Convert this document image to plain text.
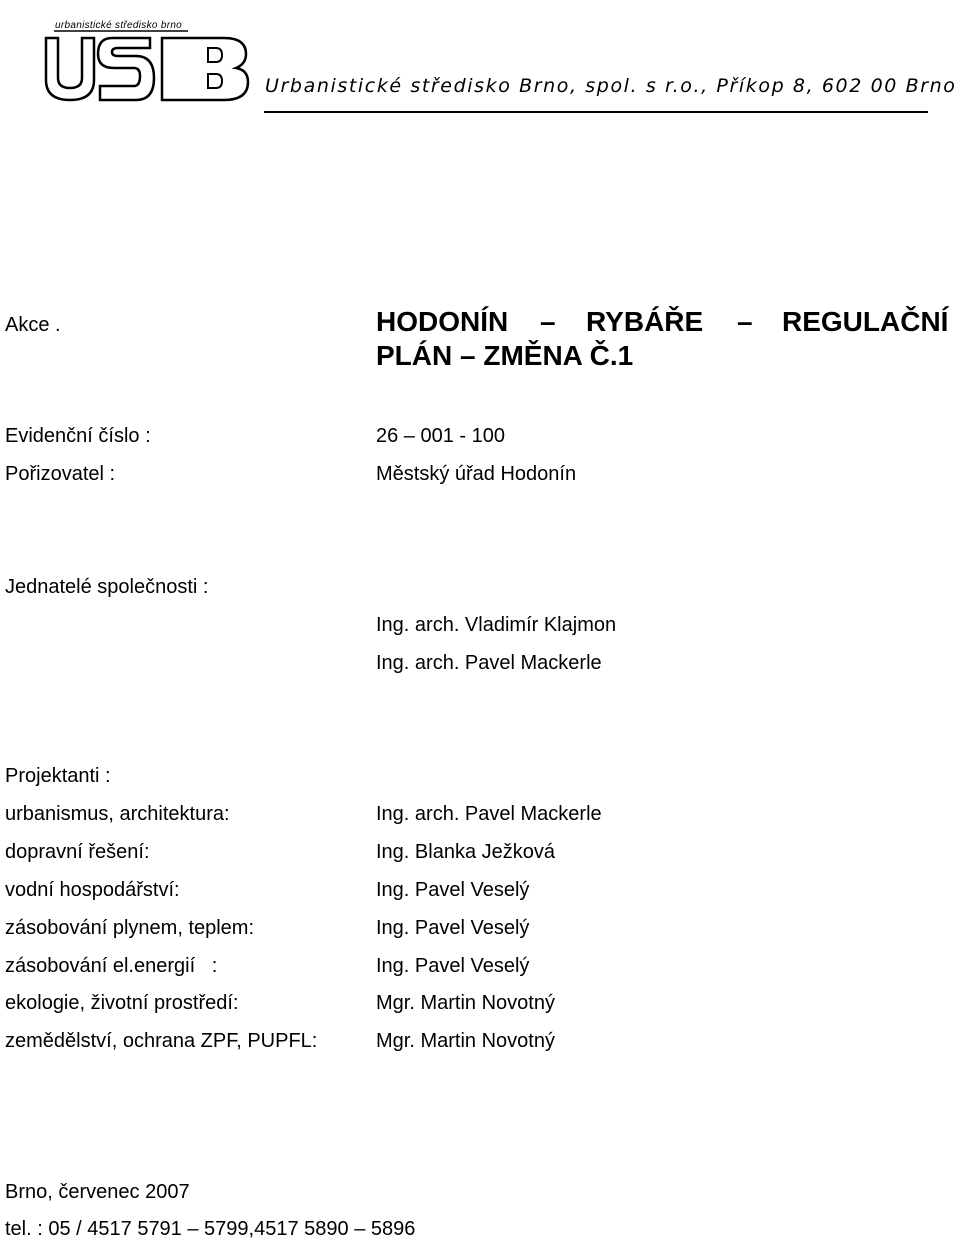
urbanistické středisko brno
Urbanistické středisko Brno, spol. s r.o., Příkop 8, 602 00 Brno
Akce .	HODONÍN – RYBÁŘE – REGULAČNÍ
PLÁN – ZMĚNA Č.1
Evidenční číslo :	26 – 001 - 100
Pořizovatel :	Městský úřad Hodonín
Jednatelé společnosti :
Ing. arch. Vladimír Klajmon
Ing. arch. Pavel Mackerle
Projektanti :
urbanismus, architektura:	Ing. arch. Pavel Mackerle
dopravní řešení:	Ing. Blanka Ježková
vodní hospodářství:	Ing. Pavel Veselý
zásobování plynem, teplem:	Ing. Pavel Veselý
zásobování el.energií   :	Ing. Pavel Veselý
ekologie, životní prostředí:	Mgr. Martin Novotný
zemědělství, ochrana ZPF, PUPFL:	Mgr. Martin Novotný
Brno, červenec 2007
tel. : 05 / 4517 5791 – 5799,4517 5890 – 5896
